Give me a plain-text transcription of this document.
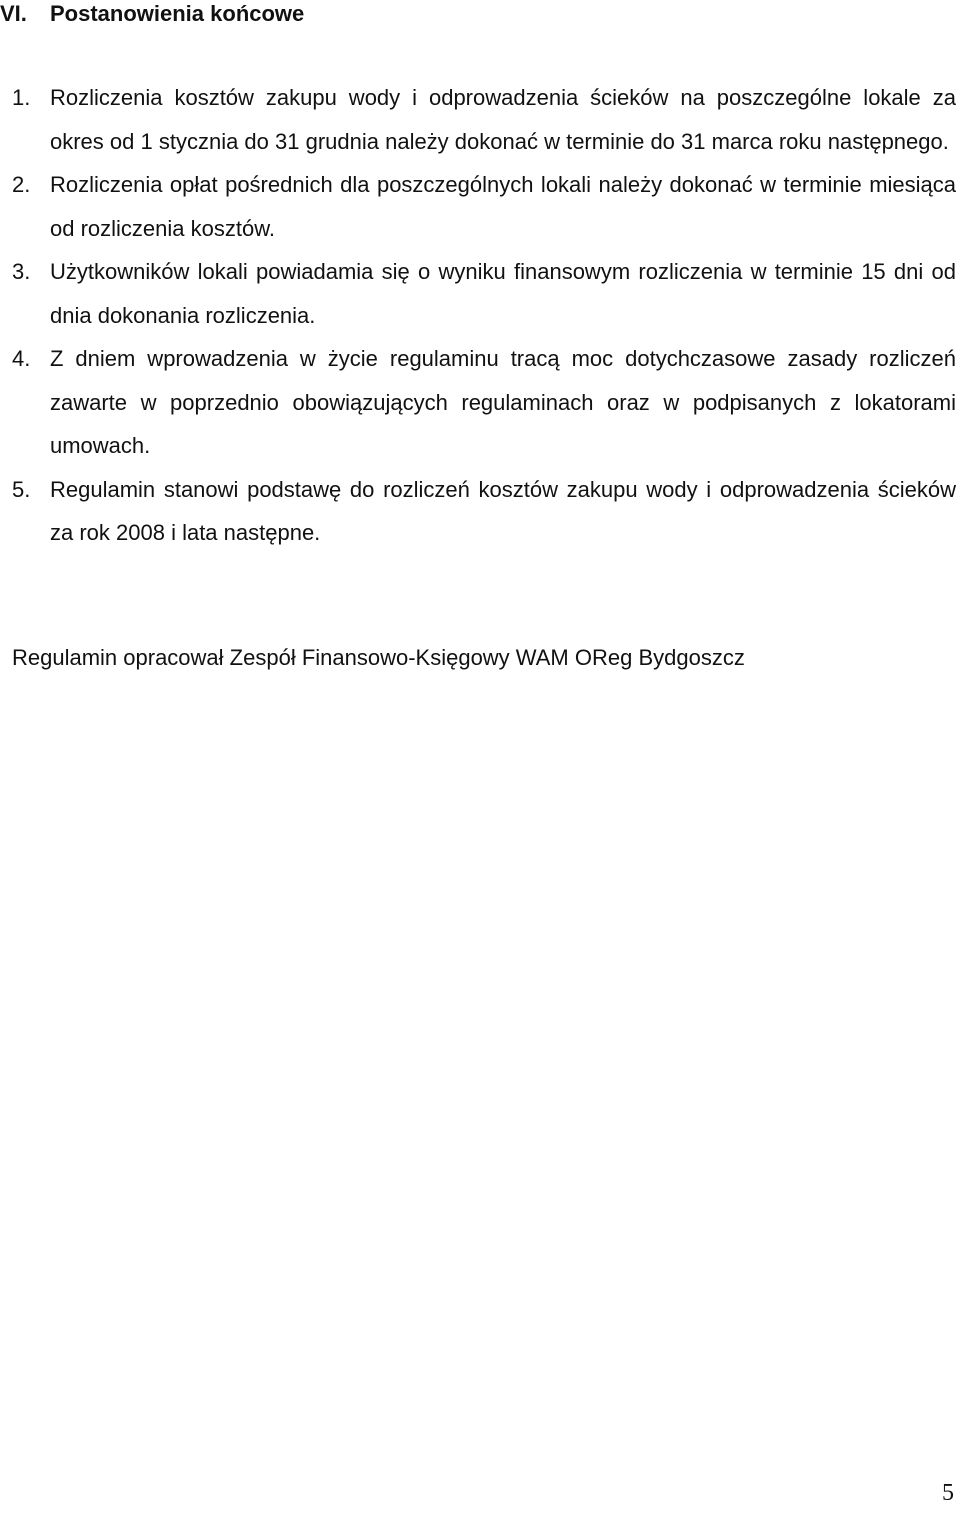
VI. Postanowienia końcowe
1. Rozliczenia kosztów zakupu wody i odprowadzenia ścieków na poszczególne lokale za okres od 1 stycznia do 31 grudnia należy dokonać w terminie do 31 marca roku następnego.
2. Rozliczenia opłat pośrednich dla poszczególnych lokali należy dokonać w terminie miesiąca od rozliczenia kosztów.
3. Użytkowników lokali powiadamia się o wyniku finansowym rozliczenia w terminie 15 dni od dnia dokonania rozliczenia.
4. Z dniem wprowadzenia w życie regulaminu tracą moc dotychczasowe zasady rozliczeń zawarte w poprzednio obowiązujących regulaminach oraz w podpisanych z lokatorami umowach.
5. Regulamin stanowi podstawę do rozliczeń kosztów zakupu wody i odprowadzenia ścieków za rok 2008 i lata następne.
Regulamin opracował Zespół Finansowo-Księgowy WAM OReg Bydgoszcz
5
